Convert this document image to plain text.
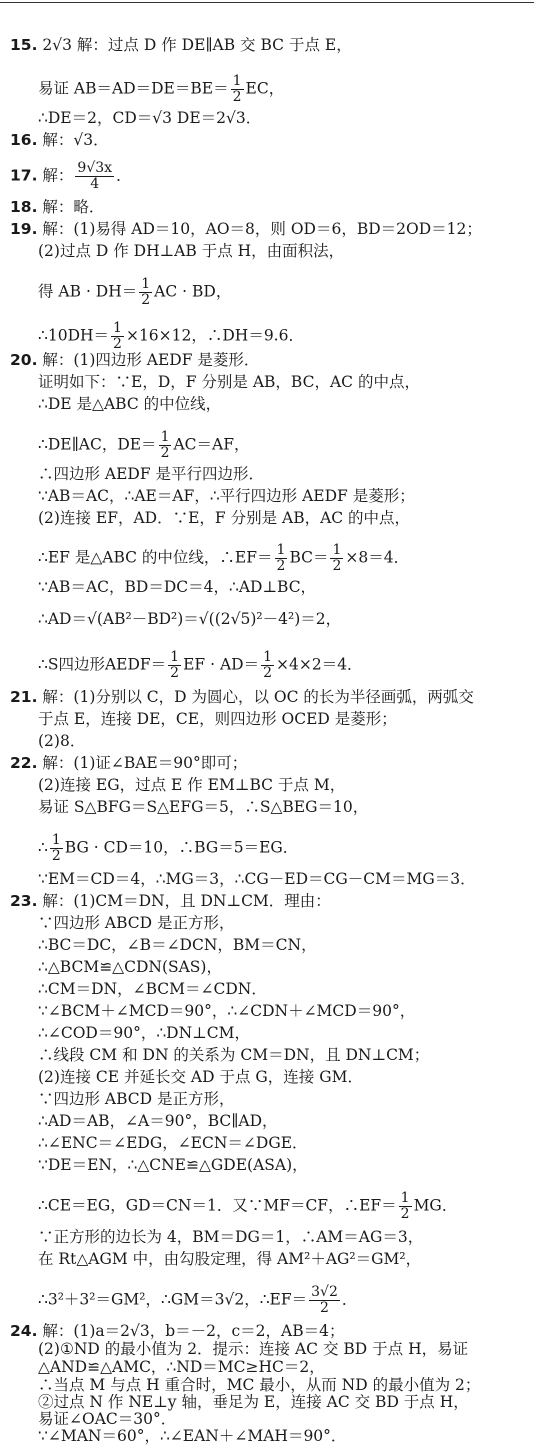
15. 2√3 解：过点 D 作 DE∥AB 交 BC 于点 E，
易证 $AB=AD=DE=BE= \frac{1}{2}$ EC，
∴DE＝2，CD＝√3 DE＝2√3．
16. 解：√3．
17. 解： $\frac{9√3x}{4}$ ．
18. 解：略．
19. 解：(1)易得 AD＝10，AO＝8，则 OD＝6，BD＝2OD＝12；
(2)过点 D 作 DH⊥AB 于点 H，由面积法，
得 AB · $DH= \frac{1}{2}$ AC · BD，
∴10DH＝ $\frac{1}{2} \times 16\times 12$，∴DH＝9.6．
20. 解：(1)四边形 AEDF 是菱形．
证明如下：∵E，D，F 分别是 AB，BC，AC 的中点，
∴DE 是△ABC 的中位线，
∴DE∥AC，$DE= \frac{1}{2} AC=AF$，
∴四边形 AEDF 是平行四边形．
∵AB＝AC，∴AE＝AF，∴平行四边形 AEDF 是菱形；
(2)连接 EF，AD．∵E，F 分别是 AB，AC 的中点，
∴EF 是△ABC 的中位线，∴EF＝ $\frac{1}{2} BC= \frac{1}{2} \times 8=4$．
∵AB＝AC，BD＝DC＝4，∴AD⊥BC，
∴AD＝√(AB²－BD²)＝√((2√5)²－4²)＝2，
∴S四边形AEDF＝ $\frac{1}{2}$ EF · $AD= \frac{1}{2} \times 4\times 2=4$．
21. 解：(1)分别以 C，D 为圆心，以 OC 的长为半径画弧，两弧交
于点 E，连接 DE，CE，则四边形 OCED 是菱形；
(2)8．
22. 解：(1)证∠BAE＝90°即可；
(2)连接 EG，过点 E 作 EM⊥BC 于点 M，
易证 S△BFG＝S△EFG＝5，∴S△BEG＝10，
∴ $\frac{1}{2}$ BG · CD＝10，∴BG＝5＝EG．
∵EM＝CD＝4，∴MG＝3，∴CG－ED＝CG－CM＝MG＝3．
23. 解：(1)CM＝DN，且 DN⊥CM．理由：
∵四边形 ABCD 是正方形，
∴BC＝DC，∠B＝∠DCN，BM＝CN，
∴△BCM≌△CDN(SAS)，
∴CM＝DN，∠BCM＝∠CDN．
∵∠BCM＋∠MCD＝90°，∴∠CDN＋∠MCD＝90°，
∴∠COD＝90°，∴DN⊥CM，
∴线段 CM 和 DN 的关系为 CM＝DN，且 DN⊥CM；
(2)连接 CE 并延长交 AD 于点 G，连接 GM．
∵四边形 ABCD 是正方形，
∴AD＝AB，∠A＝90°，BC∥AD，
∴∠ENC＝∠EDG，∠ECN＝∠DGE．
∵DE＝EN，∴△CNE≌△GDE(ASA)，
∴CE＝EG，GD＝CN＝1．又∵MF＝CF，∴EF＝ $\frac{1}{2}$ MG．
∵正方形的边长为 4，BM＝DG＝1，∴AM＝AG＝3，
在 Rt△AGM 中，由勾股定理，得 AM²＋AG²＝GM²，
∴3²＋3²＝GM²，∴GM＝3√2，∴EF＝ $\frac{3√2}{2}$ ．
24. 解：(1)a＝2√3，b＝－2，c＝2，AB＝4；
(2)①ND 的最小值为 2．提示：连接 AC 交 BD 于点 H，易证
△AND≌△AMC，∴ND＝MC≥HC＝2，
∴当点 M 与点 H 重合时，MC 最小，从而 ND 的最小值为 2；
②过点 N 作 NE⊥y 轴，垂足为 E，连接 AC 交 BD 于点 H，
易证∠OAC＝30°．
∵∠MAN＝60°，∴∠EAN＋∠MAH＝90°．
